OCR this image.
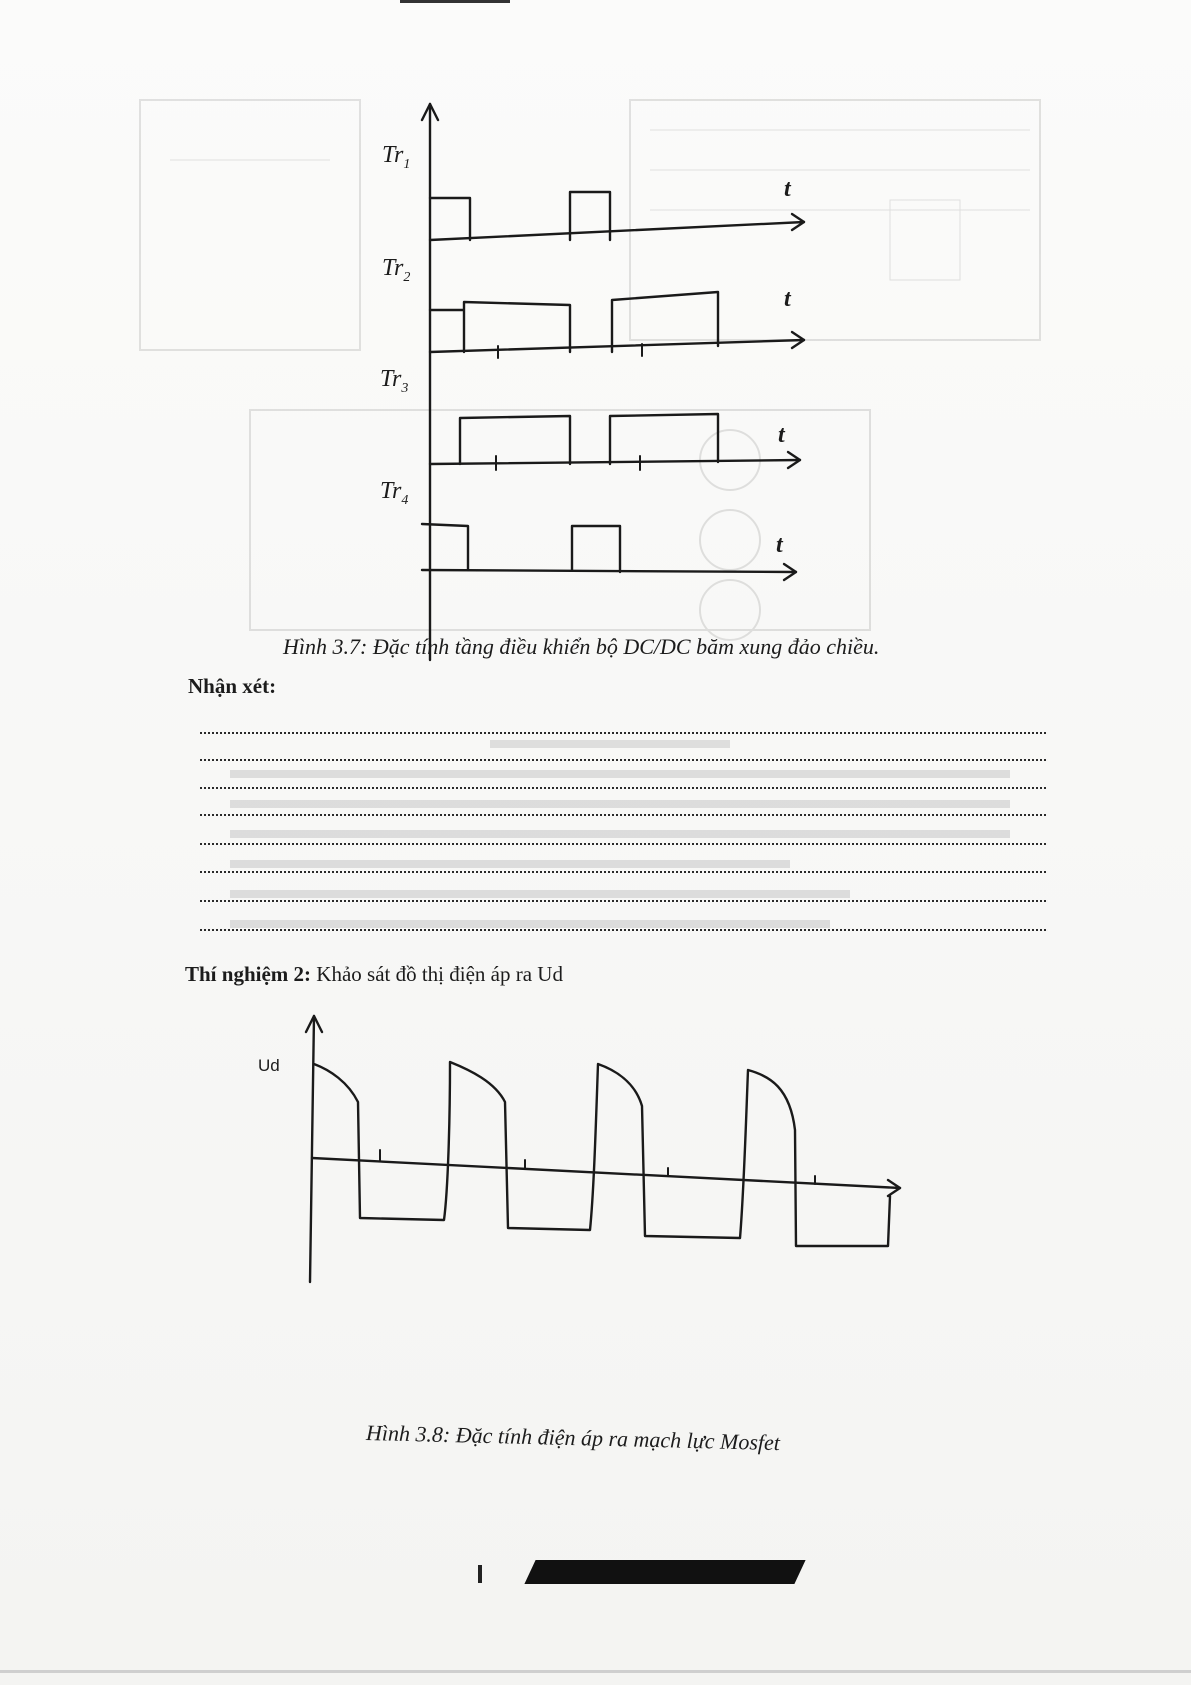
$Tr_1$
$Tr_2$
$Tr_3$
$Tr_4$
t
t
t
t
Hình 3.7: Đặc tính tầng điều khiển bộ DC/DC băm xung đảo chiều.
Nhận xét:
Thí nghiệm 2: Khảo sát đồ thị điện áp ra Ud
Ud
Hình 3.8: Đặc tính điện áp ra mạch lực Mosfet
